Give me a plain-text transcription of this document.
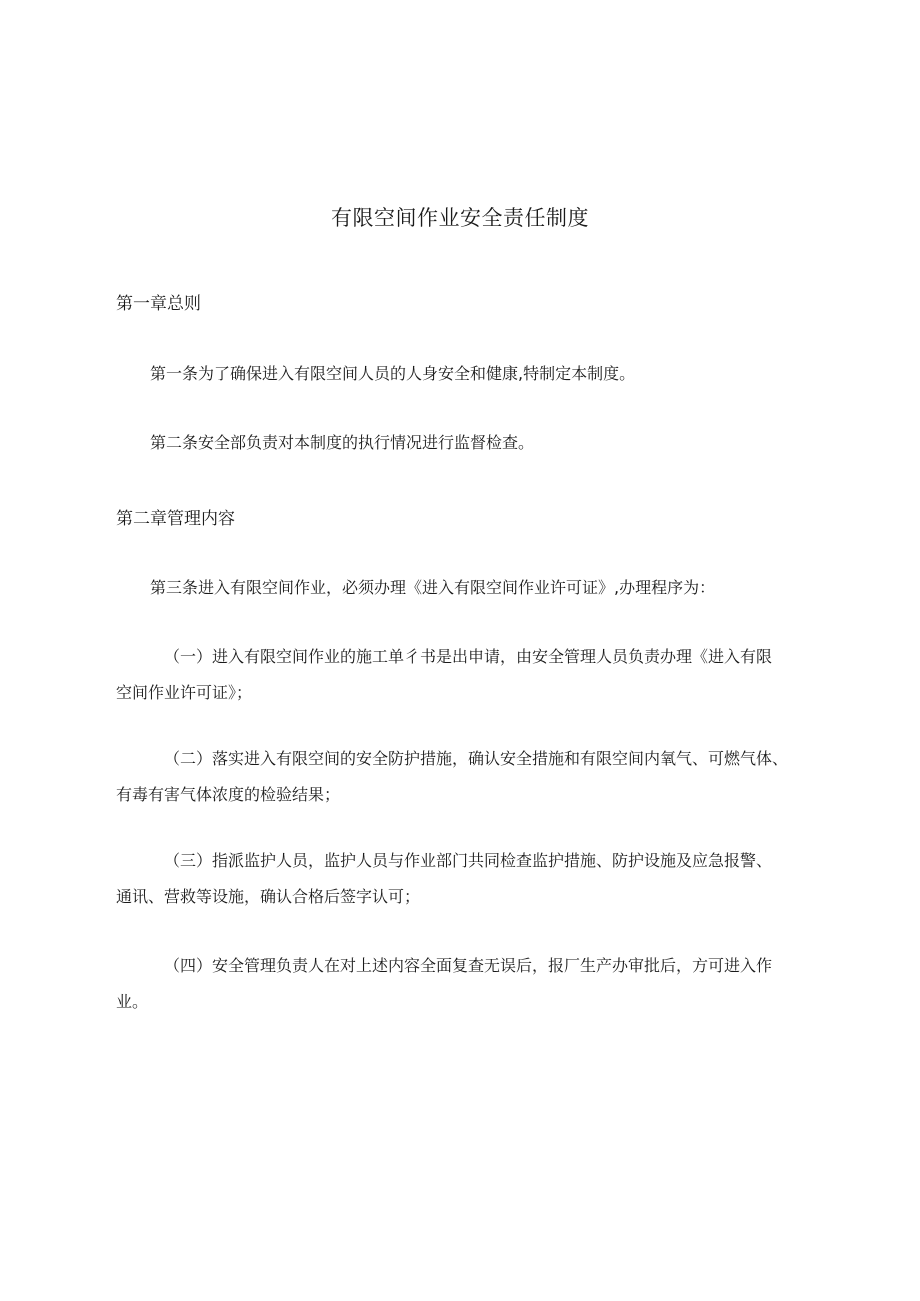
有限空间作业安全责任制度
第一章总则
第一条为了确保进入有限空间人员的人身安全和健康,特制定本制度。
第二条安全部负责对本制度的执行情况进行监督检查。
第二章管理内容
第三条进入有限空间作业，必须办理《进入有限空间作业许可证》,办理程序为：
（一）进入有限空间作业的施工单彳书是出申请，由安全管理人员负责办理《进入有限
空间作业许可证》；
（二）落实进入有限空间的安全防护措施，确认安全措施和有限空间内氧气、可燃气体、
有毒有害气体浓度的检验结果；
（三）指派监护人员，监护人员与作业部门共同检查监护措施、防护设施及应急报警、
通讯、营救等设施，确认合格后签字认可；
（四）安全管理负责人在对上述内容全面复查无误后，报厂生产办审批后，方可进入作
业。
